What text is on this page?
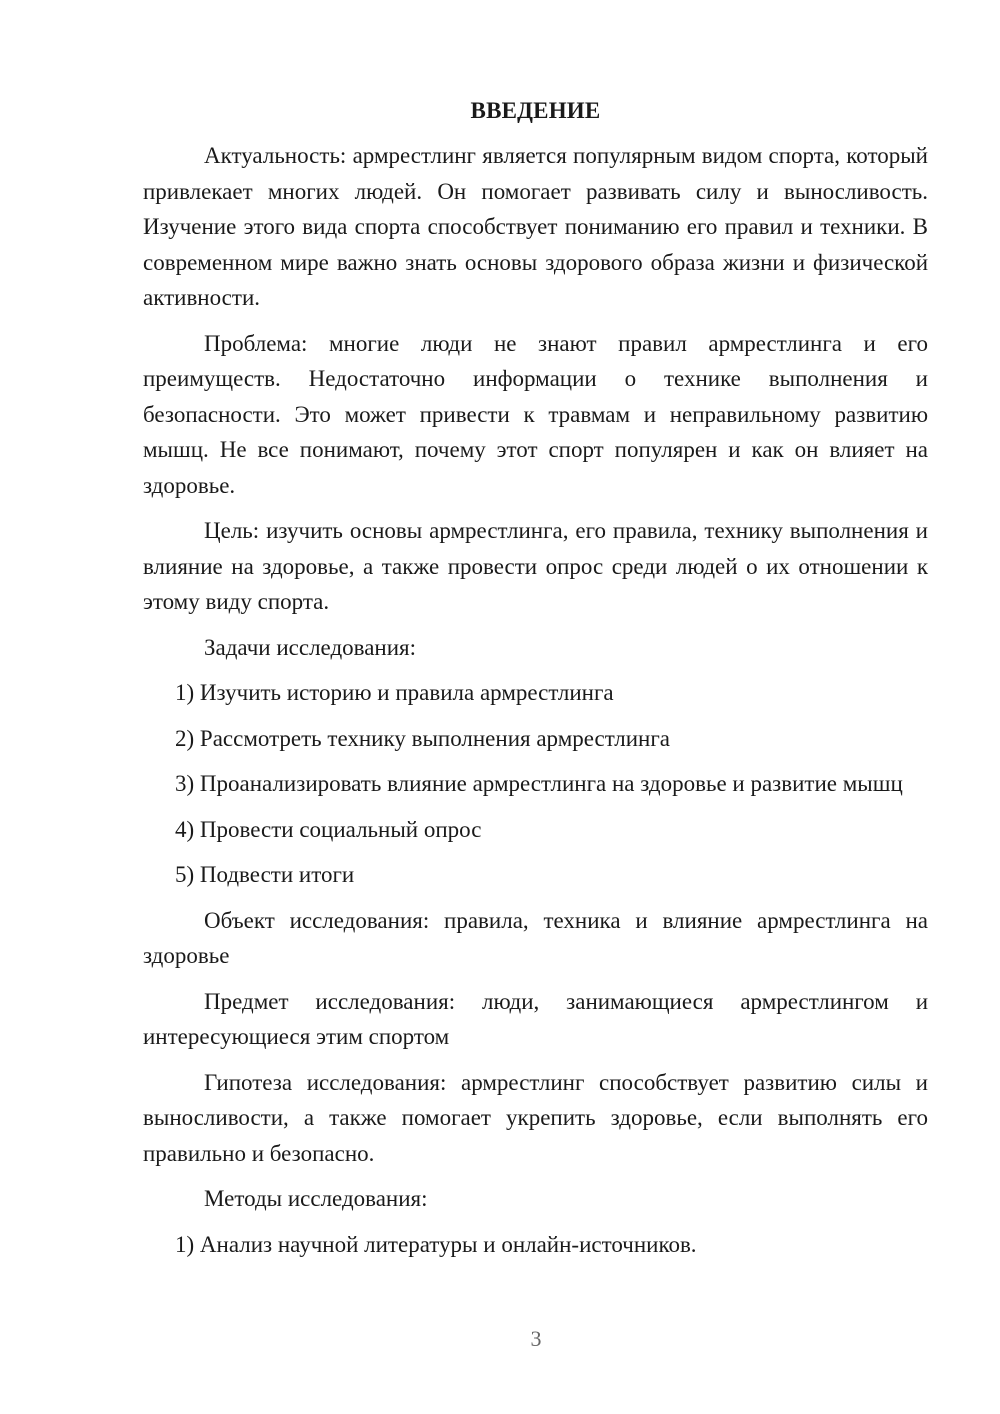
ВВЕДЕНИЕ

Актуальность: армрестлинг является популярным видом спорта, который привлекает многих людей. Он помогает развивать силу и выносливость. Изучение этого вида спорта способствует пониманию его правил и техники. В современном мире важно знать основы здорового образа жизни и физической активности.

Проблема: многие люди не знают правил армрестлинга и его преимуществ. Недостаточно информации о технике выполнения и безопасности. Это может привести к травмам и неправильному развитию мышц. Не все понимают, почему этот спорт популярен и как он влияет на здоровье.

Цель: изучить основы армрестлинга, его правила, технику выполнения и влияние на здоровье, а также провести опрос среди людей о их отношении к этому виду спорта.

Задачи исследования:

1) Изучить историю и правила армрестлинга

2) Рассмотреть технику выполнения армрестлинга

3) Проанализировать влияние армрестлинга на здоровье и развитие мышц

4) Провести социальный опрос

5) Подвести итоги

Объект исследования: правила, техника и влияние армрестлинга на здоровье

Предмет исследования: люди, занимающиеся армрестлингом и интересующиеся этим спортом

Гипотеза исследования: армрестлинг способствует развитию силы и выносливости, а также помогает укрепить здоровье, если выполнять его правильно и безопасно.

Методы исследования:

1) Анализ научной литературы и онлайн-источников.

3
